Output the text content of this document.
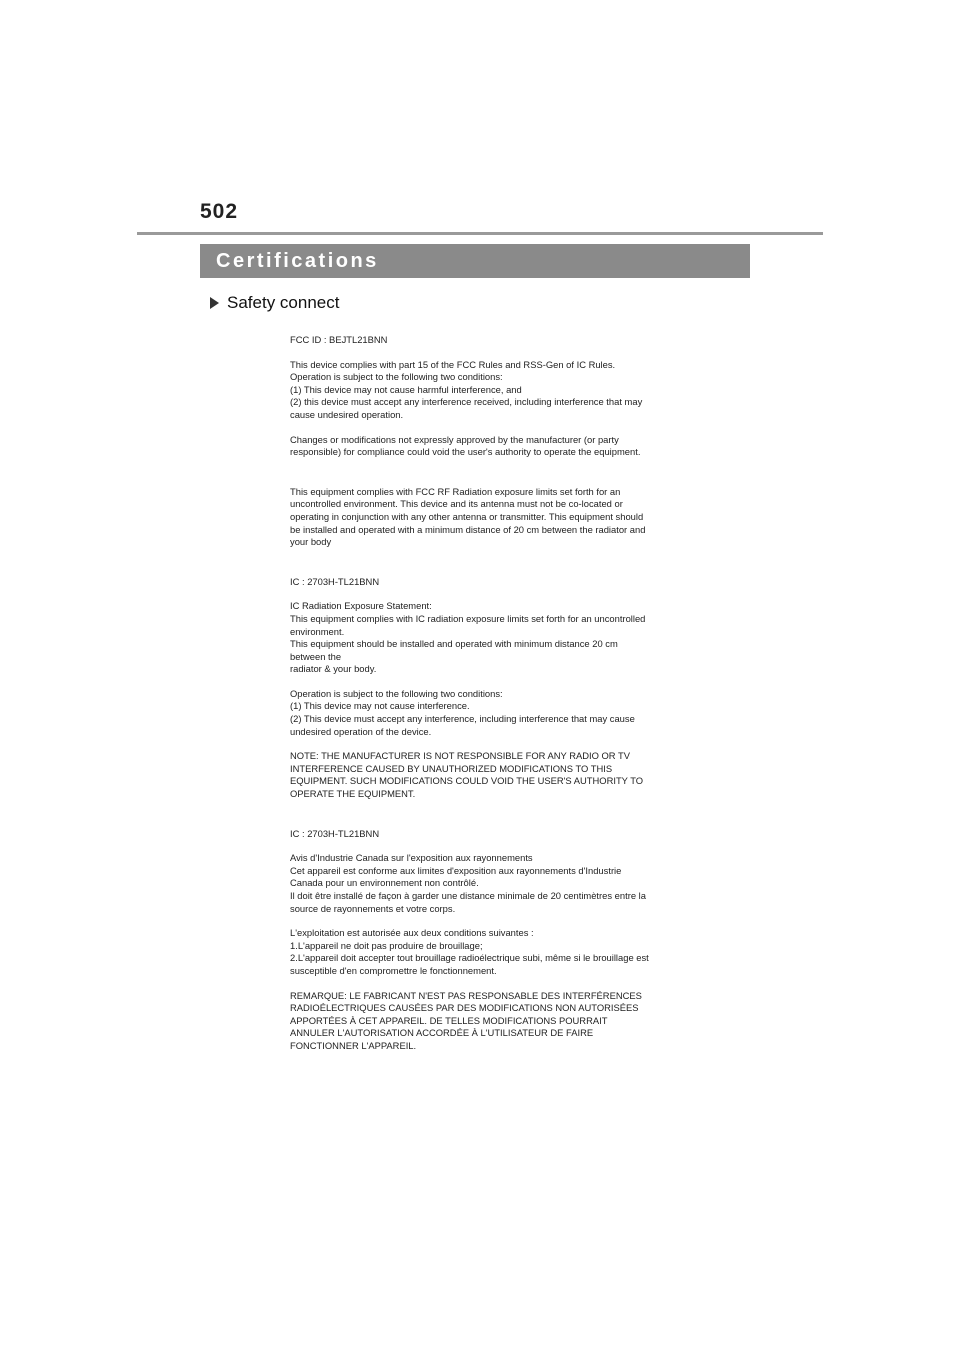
502
Certifications
Safety connect

FCC ID : BEJTL21BNN

This device complies with part 15 of the FCC Rules and RSS-Gen of IC Rules.

Operation is subject to the following two conditions:

(1) This device may not cause harmful interference, and

(2) this device must accept any interference received, including interference that may

cause undesired operation.

Changes or modifications not expressly approved by the manufacturer (or party

responsible) for compliance could void the user's authority to operate the equipment.

This equipment complies with FCC RF Radiation exposure limits set forth for an

uncontrolled environment. This device and its antenna must not be co-located or

operating in conjunction with any other antenna or transmitter. This equipment should

be installed and operated with a minimum distance of 20 cm between the radiator and

your body

IC : 2703H-TL21BNN

IC Radiation Exposure Statement:

This equipment complies with IC radiation exposure limits set forth for an uncontrolled

environment.

This equipment should be installed and operated with minimum distance 20 cm

between the

radiator & your body.

Operation is subject to the following two conditions:

(1) This device may not cause interference.

(2) This device must accept any interference, including interference that may cause

undesired operation of the device.

NOTE: THE MANUFACTURER IS NOT RESPONSIBLE FOR ANY RADIO OR TV

INTERFERENCE CAUSED BY UNAUTHORIZED MODIFICATIONS TO THIS

EQUIPMENT. SUCH MODIFICATIONS COULD VOID THE USER'S AUTHORITY TO

OPERATE THE EQUIPMENT.

IC : 2703H-TL21BNN

Avis d'Industrie Canada sur l'exposition aux rayonnements

Cet appareil est conforme aux limites d'exposition aux rayonnements d'Industrie

Canada pour un environnement non contrôlé.

Il doit être installé de façon à garder une distance minimale de 20 centimètres entre la

source de rayonnements et votre corps.

L'exploitation est autorisée aux deux conditions suivantes :

1.L'appareil ne doit pas produire de brouillage;

2.L'appareil doit accepter tout brouillage radioélectrique subi, même si le brouillage est

susceptible d'en compromettre le fonctionnement.

REMARQUE: LE FABRICANT N'EST PAS RESPONSABLE DES INTERFÉRENCES

RADIOÉLECTRIQUES CAUSÉES PAR DES MODIFICATIONS NON AUTORISÉES

APPORTÉES À CET APPAREIL. DE TELLES MODIFICATIONS POURRAIT

ANNULER L'AUTORISATION ACCORDÉE À L'UTILISATEUR DE FAIRE

FONCTIONNER L'APPAREIL.
